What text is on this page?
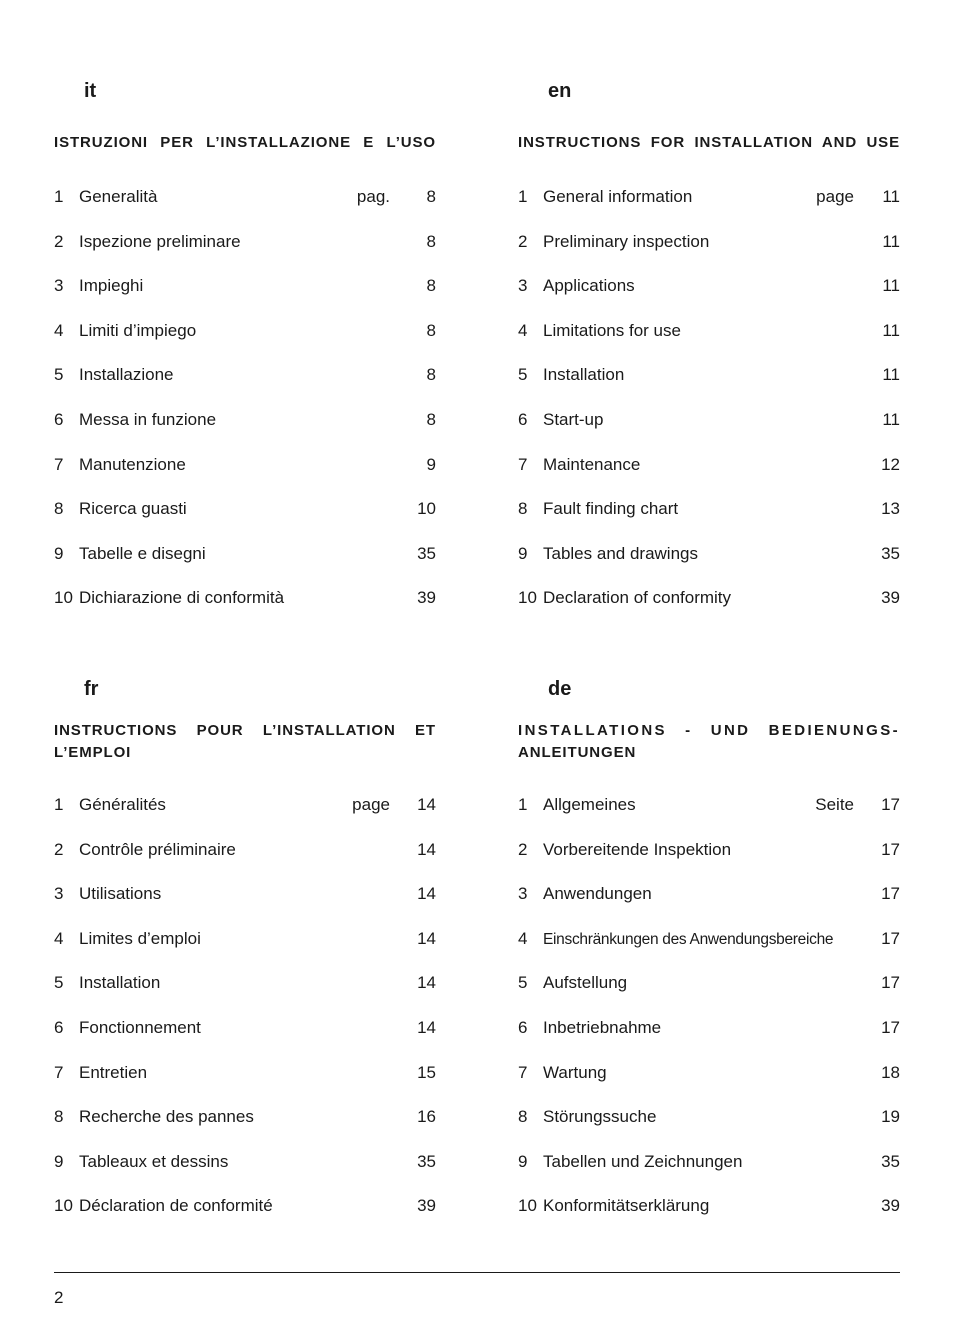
it
ISTRUZIONI PER L’INSTALLAZIONE E L’USO
1 Generalità	pag.	8
2 Ispezione preliminare	8
3 Impieghi	8
4 Limiti d’impiego	8
5 Installazione	8
6 Messa in funzione	8
7 Manutenzione	9
8 Ricerca guasti	10
9 Tabelle e disegni	35
10 Dichiarazione di conformità	39
en
INSTRUCTIONS FOR INSTALLATION AND USE
1 General information	page	11
2 Preliminary inspection	11
3 Applications	11
4 Limitations for use	11
5 Installation	11
6 Start-up	11
7 Maintenance	12
8 Fault finding chart	13
9 Tables and drawings	35
10 Declaration of conformity	39
fr
INSTRUCTIONS POUR L’INSTALLATION ET
L’EMPLOI
1 Généralités	page	14
2 Contrôle préliminaire	14
3 Utilisations	14
4 Limites d’emploi	14
5 Installation	14
6 Fonctionnement	14
7 Entretien	15
8 Recherche des pannes	16
9 Tableaux et dessins	35
10 Déclaration de conformité	39
de
INSTALLATIONS - UND BEDIENUNGS-
ANLEITUNGEN
1 Allgemeines	Seite	17
2 Vorbereitende Inspektion	17
3 Anwendungen	17
4	Einschränkungen des Anwendungsbereiche	17
5 Aufstellung	17
6 Inbetriebnahme	17
7 Wartung	18
8 Störungssuche	19
9 Tabellen und Zeichnungen	35
10 Konformitätserklärung	39
2
